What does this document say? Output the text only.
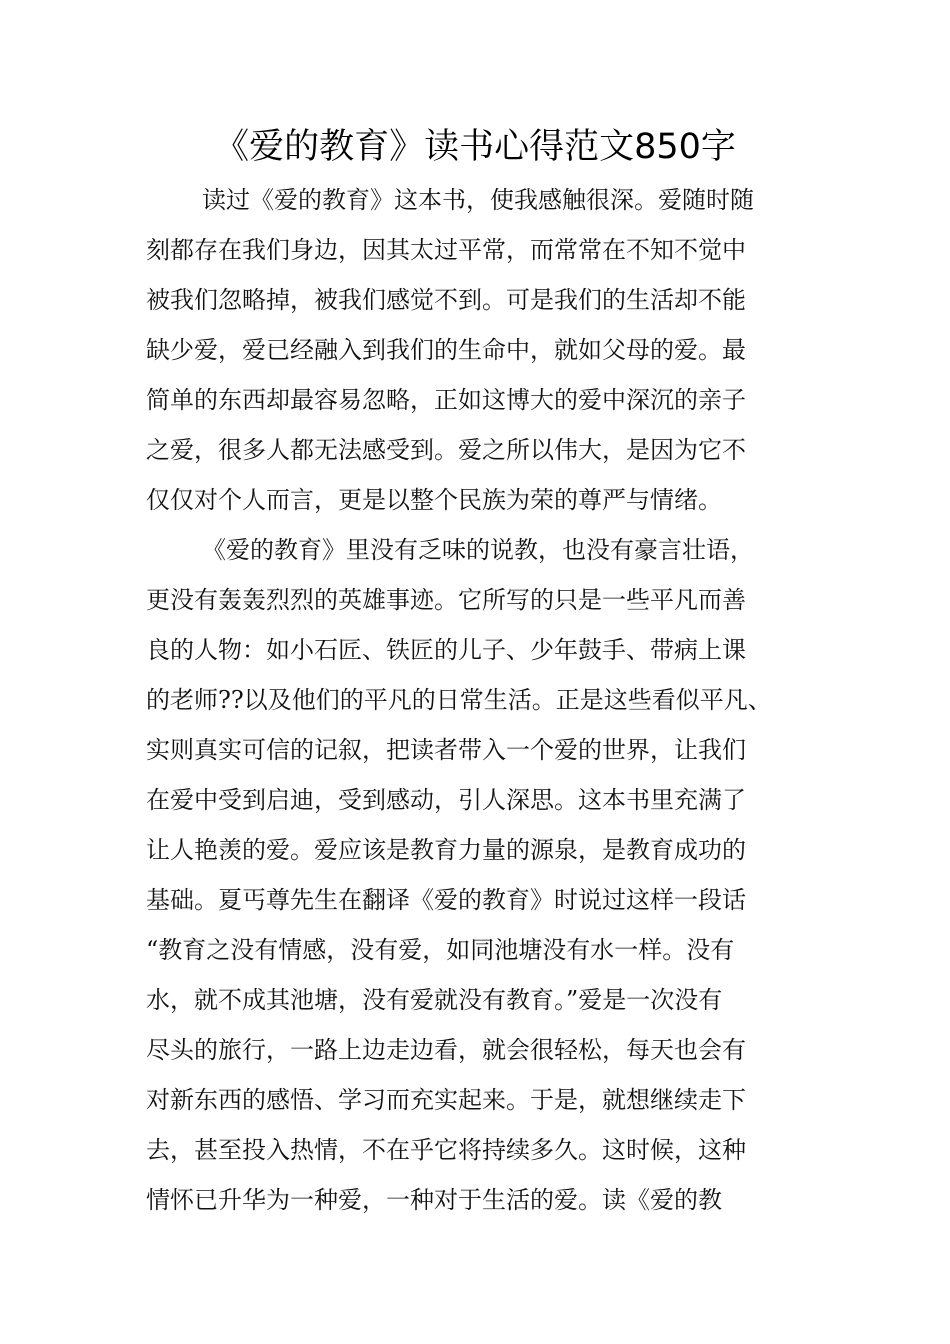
《爱的教育》读书心得范文850字
读过《爱的教育》这本书，使我感触很深。爱随时随
刻都存在我们身边，因其太过平常，而常常在不知不觉中
被我们忽略掉，被我们感觉不到。可是我们的生活却不能
缺少爱，爱已经融入到我们的生命中，就如父母的爱。最
简单的东西却最容易忽略，正如这博大的爱中深沉的亲子
之爱，很多人都无法感受到。爱之所以伟大，是因为它不
仅仅对个人而言，更是以整个民族为荣的尊严与情绪。
《爱的教育》里没有乏味的说教，也没有豪言壮语，
更没有轰轰烈烈的英雄事迹。它所写的只是一些平凡而善
良的人物：如小石匠、铁匠的儿子、少年鼓手、带病上课
的老师??以及他们的平凡的日常生活。正是这些看似平凡、
实则真实可信的记叙，把读者带入一个爱的世界，让我们
在爱中受到启迪，受到感动，引人深思。这本书里充满了
让人艳羡的爱。爱应该是教育力量的源泉，是教育成功的
基础。夏丐尊先生在翻译《爱的教育》时说过这样一段话
“教育之没有情感，没有爱，如同池塘没有水一样。没有
水，就不成其池塘，没有爱就没有教育。”爱是一次没有
尽头的旅行，一路上边走边看，就会很轻松，每天也会有
对新东西的感悟、学习而充实起来。于是，就想继续走下
去，甚至投入热情，不在乎它将持续多久。这时候，这种
情怀已升华为一种爱，一种对于生活的爱。读《爱的教
